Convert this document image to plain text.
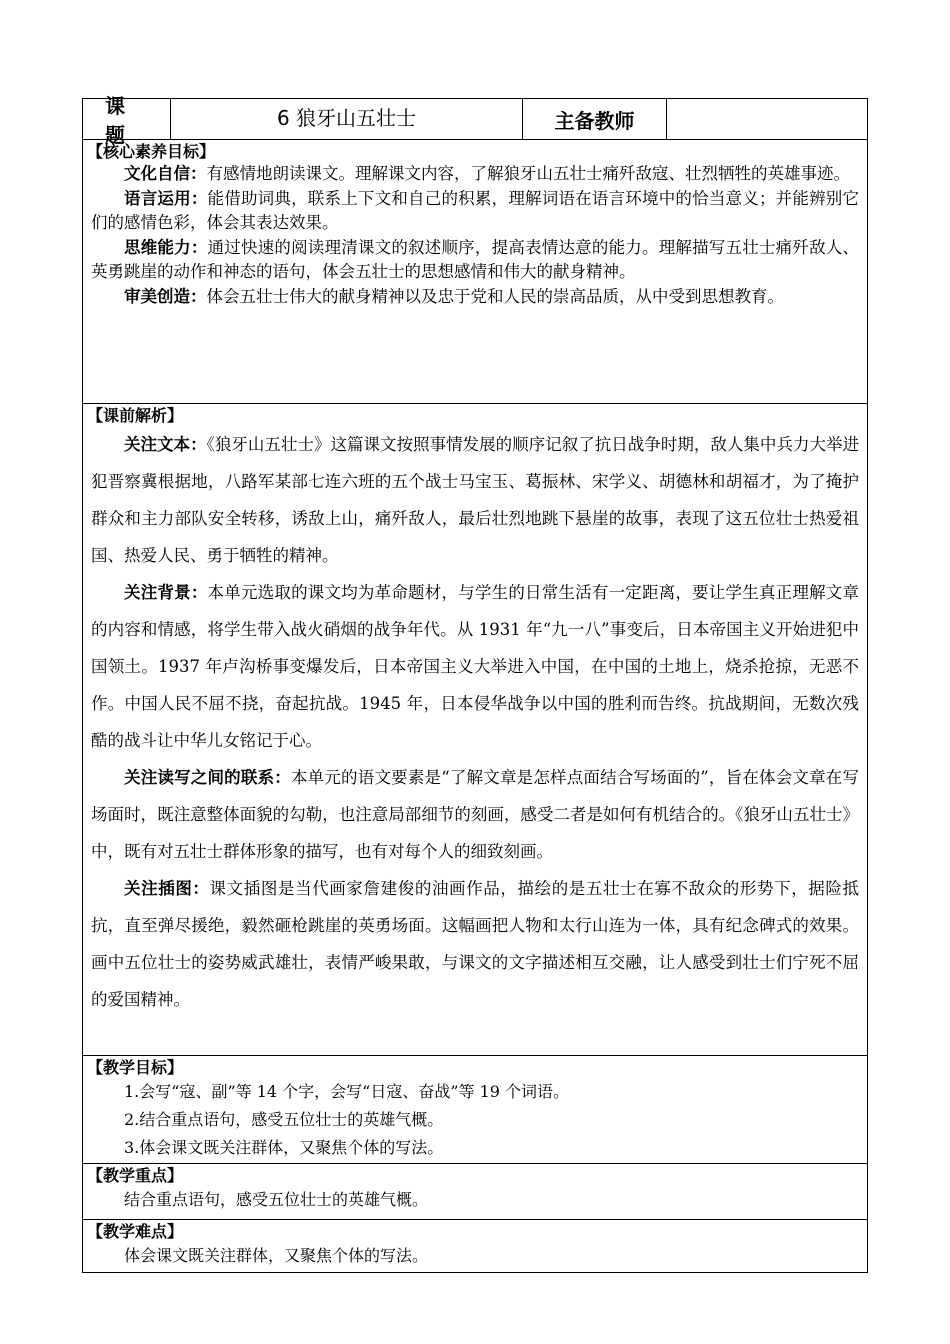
课题
6 狼牙山五壮士	主备教师
【核心素养目标】

文化自信：有感情地朗读课文。理解课文内容，了解狼牙山五壮士痛歼敌寇、壮烈牺牲的英雄事迹。

语言运用：能借助词典，联系上下文和自己的积累，理解词语在语言环境中的恰当意义；并能辨别它们的感情色彩，体会其表达效果。

思维能力：通过快速的阅读理清课文的叙述顺序，提高表情达意的能力。理解描写五壮士痛歼敌人、英勇跳崖的动作和神态的语句，体会五壮士的思想感情和伟大的献身精神。

审美创造：体会五壮士伟大的献身精神以及忠于党和人民的崇高品质，从中受到思想教育。

【课前解析】

关注文本：《狼牙山五壮士》这篇课文按照事情发展的顺序记叙了抗日战争时期，敌人集中兵力大举进犯晋察冀根据地，八路军某部七连六班的五个战士马宝玉、葛振林、宋学义、胡德林和胡福才，为了掩护群众和主力部队安全转移，诱敌上山，痛歼敌人，最后壮烈地跳下悬崖的故事，表现了这五位壮士热爱祖国、热爱人民、勇于牺牲的精神。

关注背景：本单元选取的课文均为革命题材，与学生的日常生活有一定距离，要让学生真正理解文章的内容和情感，将学生带入战火硝烟的战争年代。从 1931 年“九一八”事变后，日本帝国主义开始进犯中国领土。1937 年卢沟桥事变爆发后，日本帝国主义大举进入中国，在中国的土地上，烧杀抢掠，无恶不作。中国人民不屈不挠，奋起抗战。1945 年，日本侵华战争以中国的胜利而告终。抗战期间，无数次残酷的战斗让中华儿女铭记于心。

关注读写之间的联系：本单元的语文要素是“了解文章是怎样点面结合写场面的”，旨在体会文章在写场面时，既注意整体面貌的勾勒，也注意局部细节的刻画，感受二者是如何有机结合的。《狼牙山五壮士》中，既有对五壮士群体形象的描写，也有对每个人的细致刻画。

关注插图：课文插图是当代画家詹建俊的油画作品，描绘的是五壮士在寡不敌众的形势下，据险抵抗，直至弹尽援绝，毅然砸枪跳崖的英勇场面。这幅画把人物和太行山连为一体，具有纪念碑式的效果。画中五位壮士的姿势威武雄壮，表情严峻果敢，与课文的文字描述相互交融，让人感受到壮士们宁死不屈的爱国精神。

【教学目标】

1.会写“寇、副”等 14 个字，会写“日寇、奋战”等 19 个词语。

2.结合重点语句，感受五位壮士的英雄气概。

3.体会课文既关注群体，又聚焦个体的写法。

【教学重点】

结合重点语句，感受五位壮士的英雄气概。

【教学难点】

体会课文既关注群体，又聚焦个体的写法。
